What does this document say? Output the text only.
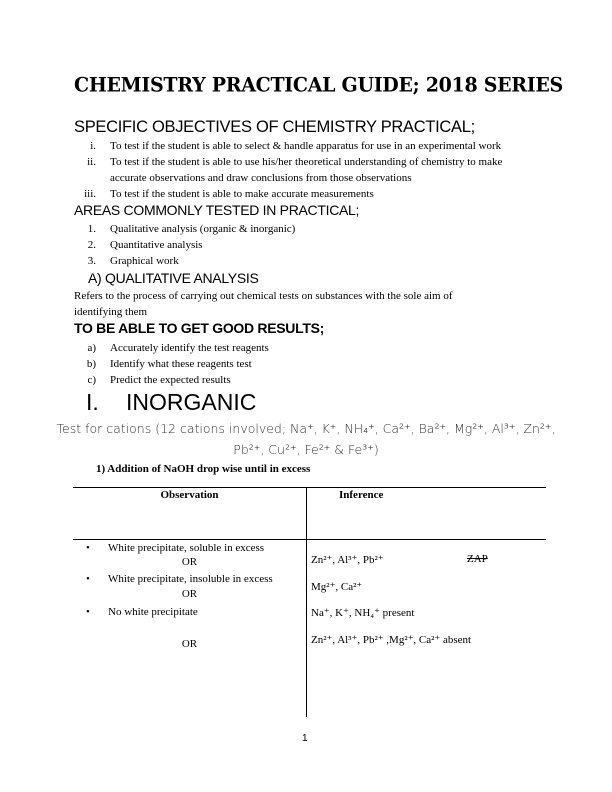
CHEMISTRY PRACTICAL GUIDE; 2018 SERIES
SPECIFIC OBJECTIVES OF CHEMISTRY PRACTICAL;
i. To test if the student is able to select & handle apparatus for use in an experimental work
ii. To test if the student is able to use his/her theoretical understanding of chemistry to make
accurate observations and draw conclusions from those observations
iii. To test if the student is able to make accurate measurements
AREAS COMMONLY TESTED IN PRACTICAL;
1. Qualitative analysis (organic & inorganic)
2. Quantitative analysis
3. Graphical work
A) QUALITATIVE ANALYSIS
Refers to the process of carrying out chemical tests on substances with the sole aim of
identifying them
TO BE ABLE TO GET GOOD RESULTS;
a) Accurately identify the test reagents
b) Identify what these reagents test
c) Predict the expected results
I. INORGANIC
Test for cations (12 cations involved; Na⁺, K⁺, NH₄⁺, Ca²⁺, Ba²⁺, Mg²⁺, Al³⁺, Zn²⁺,
Pb²⁺, Cu²⁺, Fe²⁺ & Fe³⁺)
1) Addition of NaOH drop wise until in excess
Observation	Inference
• White precipitate, soluble in excess
OR
• White precipitate, insoluble in excess
OR
• No white precipitate
OR
Zn²⁺, Al³⁺, Pb²⁺	ZAP
Mg²⁺, Ca²⁺
Na⁺, K⁺, NH₄⁺ present
Zn²⁺, Al³⁺, Pb²⁺ ,Mg²⁺, Ca²⁺ absent
1
